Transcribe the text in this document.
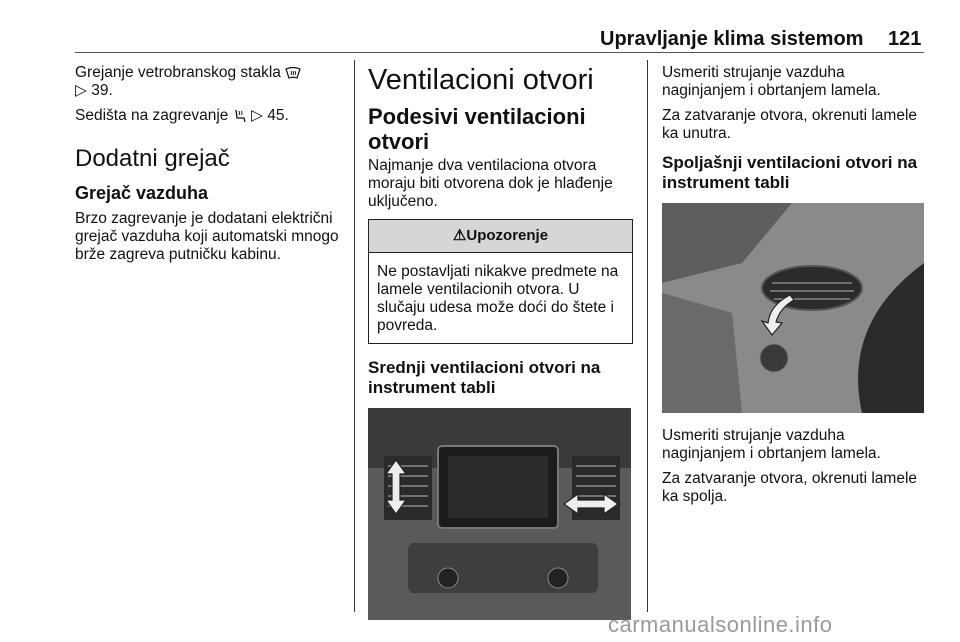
Upravljanje klima sistemom 121

Grejanje vetrobranskog stakla
▷ 39.

Sedišta na zagrevanje ▷ 45.

Dodatni grejač
Grejač vazduha

Brzo zagrevanje je dodatani električni grejač vazduha koji automatski mnogo brže zagreva putničku kabinu.

Ventilacioni otvori
Podesivi ventilacioni otvori

Najmanje dva ventilaciona otvora moraju biti otvorena dok je hlađenje uključeno.

⚠Upozorenje
Ne postavljati nikakve predmete na lamele ventilacionih otvora. U slučaju udesa može doći do štete i povreda.
Srednji ventilacioni otvori na instrument tabli

Usmeriti strujanje vazduha naginjanjem i obrtanjem lamela.

Za zatvaranje otvora, okrenuti lamele ka unutra.

Spoljašnji ventilacioni otvori na instrument tabli

Usmeriti strujanje vazduha naginjanjem i obrtanjem lamela.

Za zatvaranje otvora, okrenuti lamele ka spolja.

carmanualsonline.info
